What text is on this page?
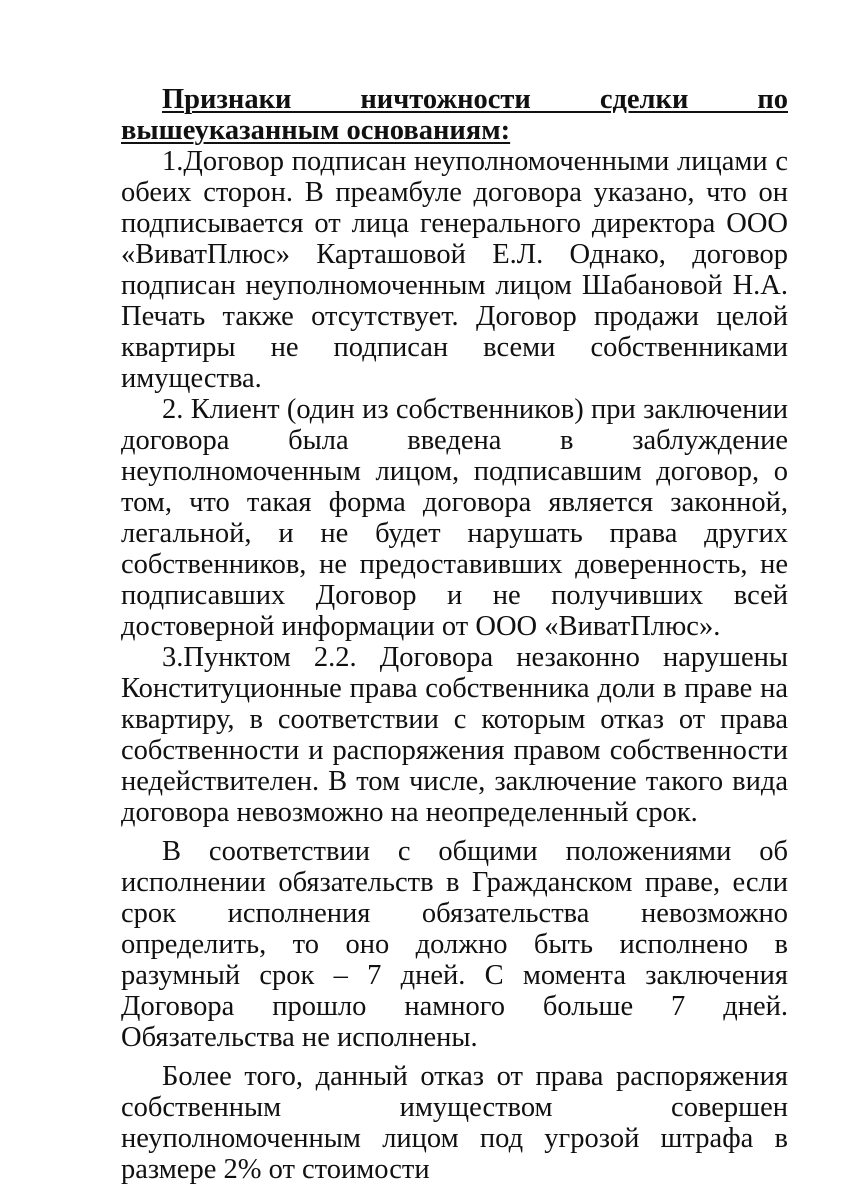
Признаки ничтожности сделки по вышеуказанным основаниям:

1.Договор подписан неуполномоченными лицами с обеих сторон. В преамбуле договора указано, что он подписывается от лица генерального директора ООО «ВиватПлюс» Карташовой Е.Л. Однако, договор подписан неуполномоченным лицом Шабановой Н.А. Печать также отсутствует. Договор продажи целой квартиры не подписан всеми собственниками имущества.

2. Клиент (один из собственников) при заключении договора была введена в заблуждение неуполномоченным лицом, подписавшим договор, о том, что такая форма договора является законной, легальной, и не будет нарушать права других собственников, не предоставивших доверенность, не подписавших Договор и не получивших всей достоверной информации от ООО «ВиватПлюс».

3.Пунктом 2.2. Договора незаконно нарушены Конституционные права собственника доли в праве на квартиру, в соответствии с которым отказ от права собственности и распоряжения правом собственности недействителен. В том числе, заключение такого вида договора невозможно на неопределенный срок.

В соответствии с общими положениями об исполнении обязательств в Гражданском праве, если срок исполнения обязательства невозможно определить, то оно должно быть исполнено в разумный срок – 7 дней. С момента заключения Договора прошло намного больше 7 дней. Обязательства не исполнены.

Более того, данный отказ от права распоряжения собственным имуществом совершен неуполномоченным лицом под угрозой штрафа в размере 2% от стоимости
